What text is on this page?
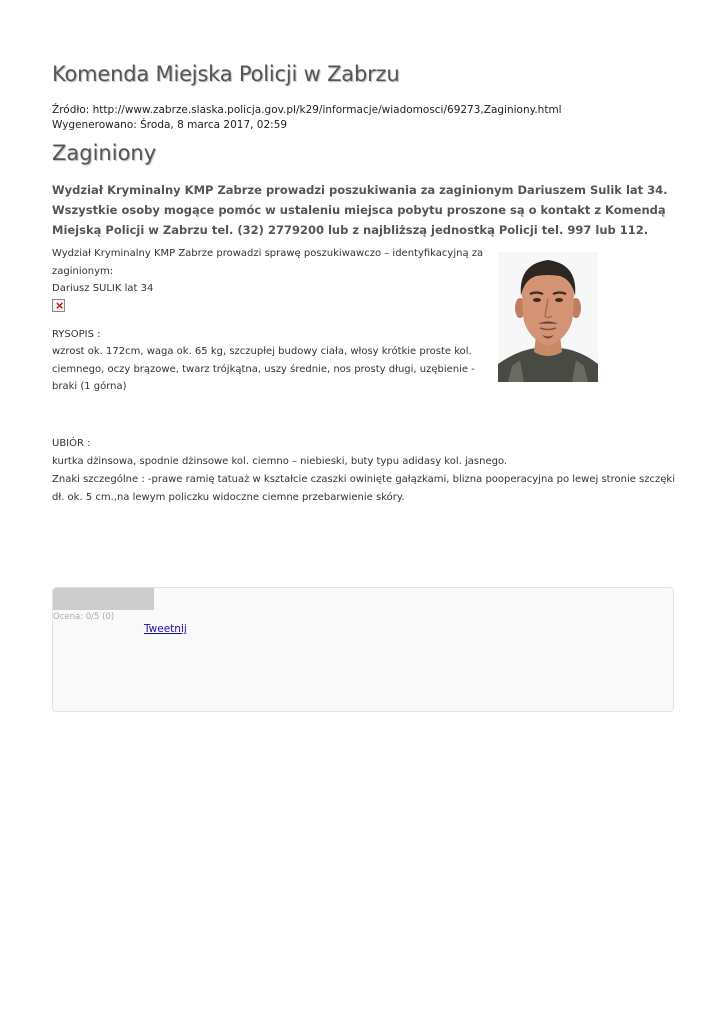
Komenda Miejska Policji w Zabrzu
Źródło: http://www.zabrze.slaska.policja.gov.pl/k29/informacje/wiadomosci/69273,Zaginiony.html
Wygenerowano: Środa, 8 marca 2017, 02:59
Zaginiony
Wydział Kryminalny KMP Zabrze prowadzi poszukiwania za zaginionym Dariuszem Sulik lat 34.
Wszystkie osoby mogące pomóc w ustaleniu miejsca pobytu proszone są o kontakt z Komendą
Miejską Policji w Zabrzu tel. (32) 2779200 lub z najbliższą jednostką Policji tel. 997 lub 112.
Wydział Kryminalny KMP Zabrze prowadzi sprawę poszukiwawczo – identyfikacyjną za
zaginionym:
Dariusz SULIK lat 34
×
RYSOPIS :
wzrost ok. 172cm, waga ok. 65 kg, szczupłej budowy ciała, włosy krótkie proste kol.
ciemnego, oczy brązowe, twarz trójkątna, uszy średnie, nos prosty długi, uzębienie -
braki (1 górna)
UBIÓR :
kurtka dżinsowa, spodnie dżinsowe kol. ciemno – niebieski, buty typu adidasy kol. jasnego.
Znaki szczególne : -prawe ramię tatuaż w kształcie czaszki owinięte gałązkami, blizna pooperacyjna po lewej stronie szczęki
dł. ok. 5 cm.,na lewym policzku widoczne ciemne przebarwienie skóry.
Ocena: 0/5 (0)
Tweetnij
